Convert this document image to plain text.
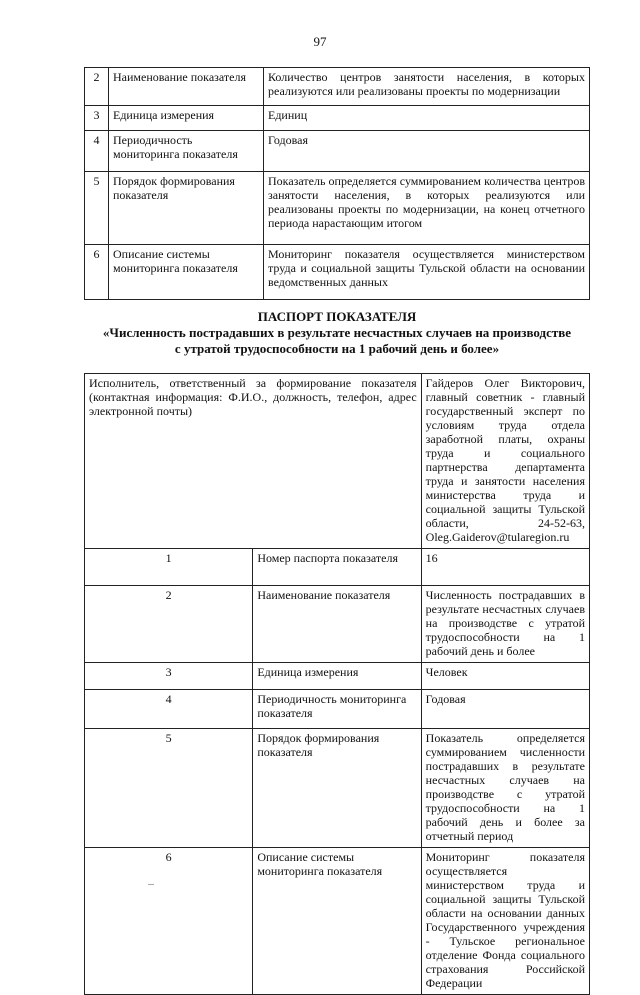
97
2	Наименование показателя	Количество центров занятости населения, в которых реализуются или реализованы проекты по модернизации
3	Единица измерения	Единиц
4	Периодичность мониторинга показателя	Годовая
5	Порядок формирования показателя	Показатель определяется суммированием количества центров занятости населения, в которых реализуются или реализованы проекты по модернизации, на конец отчетного периода нарастающим итогом
6	Описание системы мониторинга показателя	Мониторинг показателя осуществляется министерством труда и социальной защиты Тульской области на основании ведомственных данных
ПАСПОРТ ПОКАЗАТЕЛЯ
«Численность пострадавших в результате несчастных случаев на производстве
с утратой трудоспособности на 1 рабочий день и более»
Исполнитель, ответственный за формирование показателя (контактная информация: Ф.И.О., должность, телефон, адрес электронной почты)		Гайдеров Олег Викторович, главный советник - главный государственный эксперт по условиям труда отдела заработной платы, охраны труда и социального партнерства департамента труда и занятости населения министерства труда и социальной защиты Тульской области, 24-52-63, Oleg.Gaiderov@tularegion.ru
1	Номер паспорта показателя	16
2	Наименование показателя	Численность пострадавших в результате несчастных случаев на производстве с утратой трудоспособности на 1 рабочий день и более
3	Единица измерения	Человек
4	Периодичность мониторинга показателя	Годовая
5	Порядок формирования показателя	Показатель определяется суммированием численности пострадавших в результате несчастных случаев на производстве с утратой трудоспособности на 1 рабочий день и более за отчетный период
6	Описание системы мониторинга показателя	Мониторинг показателя осуществляется министерством труда и социальной защиты Тульской области на основании данных Государственного учреждения - Тульское региональное отделение Фонда социального страхования Российской Федерации
